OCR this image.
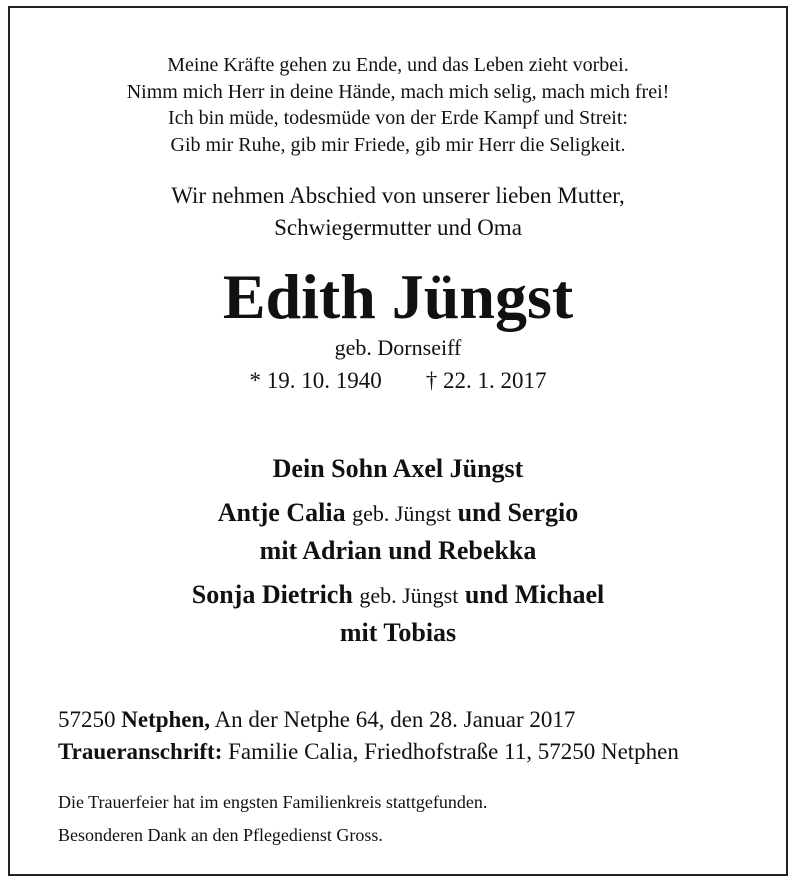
Meine Kräfte gehen zu Ende, und das Leben zieht vorbei.
Nimm mich Herr in deine Hände, mach mich selig, mach mich frei!
Ich bin müde, todesmüde von der Erde Kampf und Streit:
Gib mir Ruhe, gib mir Friede, gib mir Herr die Seligkeit.
Wir nehmen Abschied von unserer lieben Mutter,
Schwiegermutter und Oma
Edith Jüngst
geb. Dornseiff
* 19. 10. 1940 † 22. 1. 2017
Dein Sohn Axel Jüngst
Antje Calia geb. Jüngst und Sergio
mit Adrian und Rebekka
Sonja Dietrich geb. Jüngst und Michael
mit Tobias
57250 Netphen, An der Netphe 64, den 28. Januar 2017
Traueranschrift: Familie Calia, Friedhofstraße 11, 57250 Netphen
Die Trauerfeier hat im engsten Familienkreis stattgefunden.
Besonderen Dank an den Pflegedienst Gross.
